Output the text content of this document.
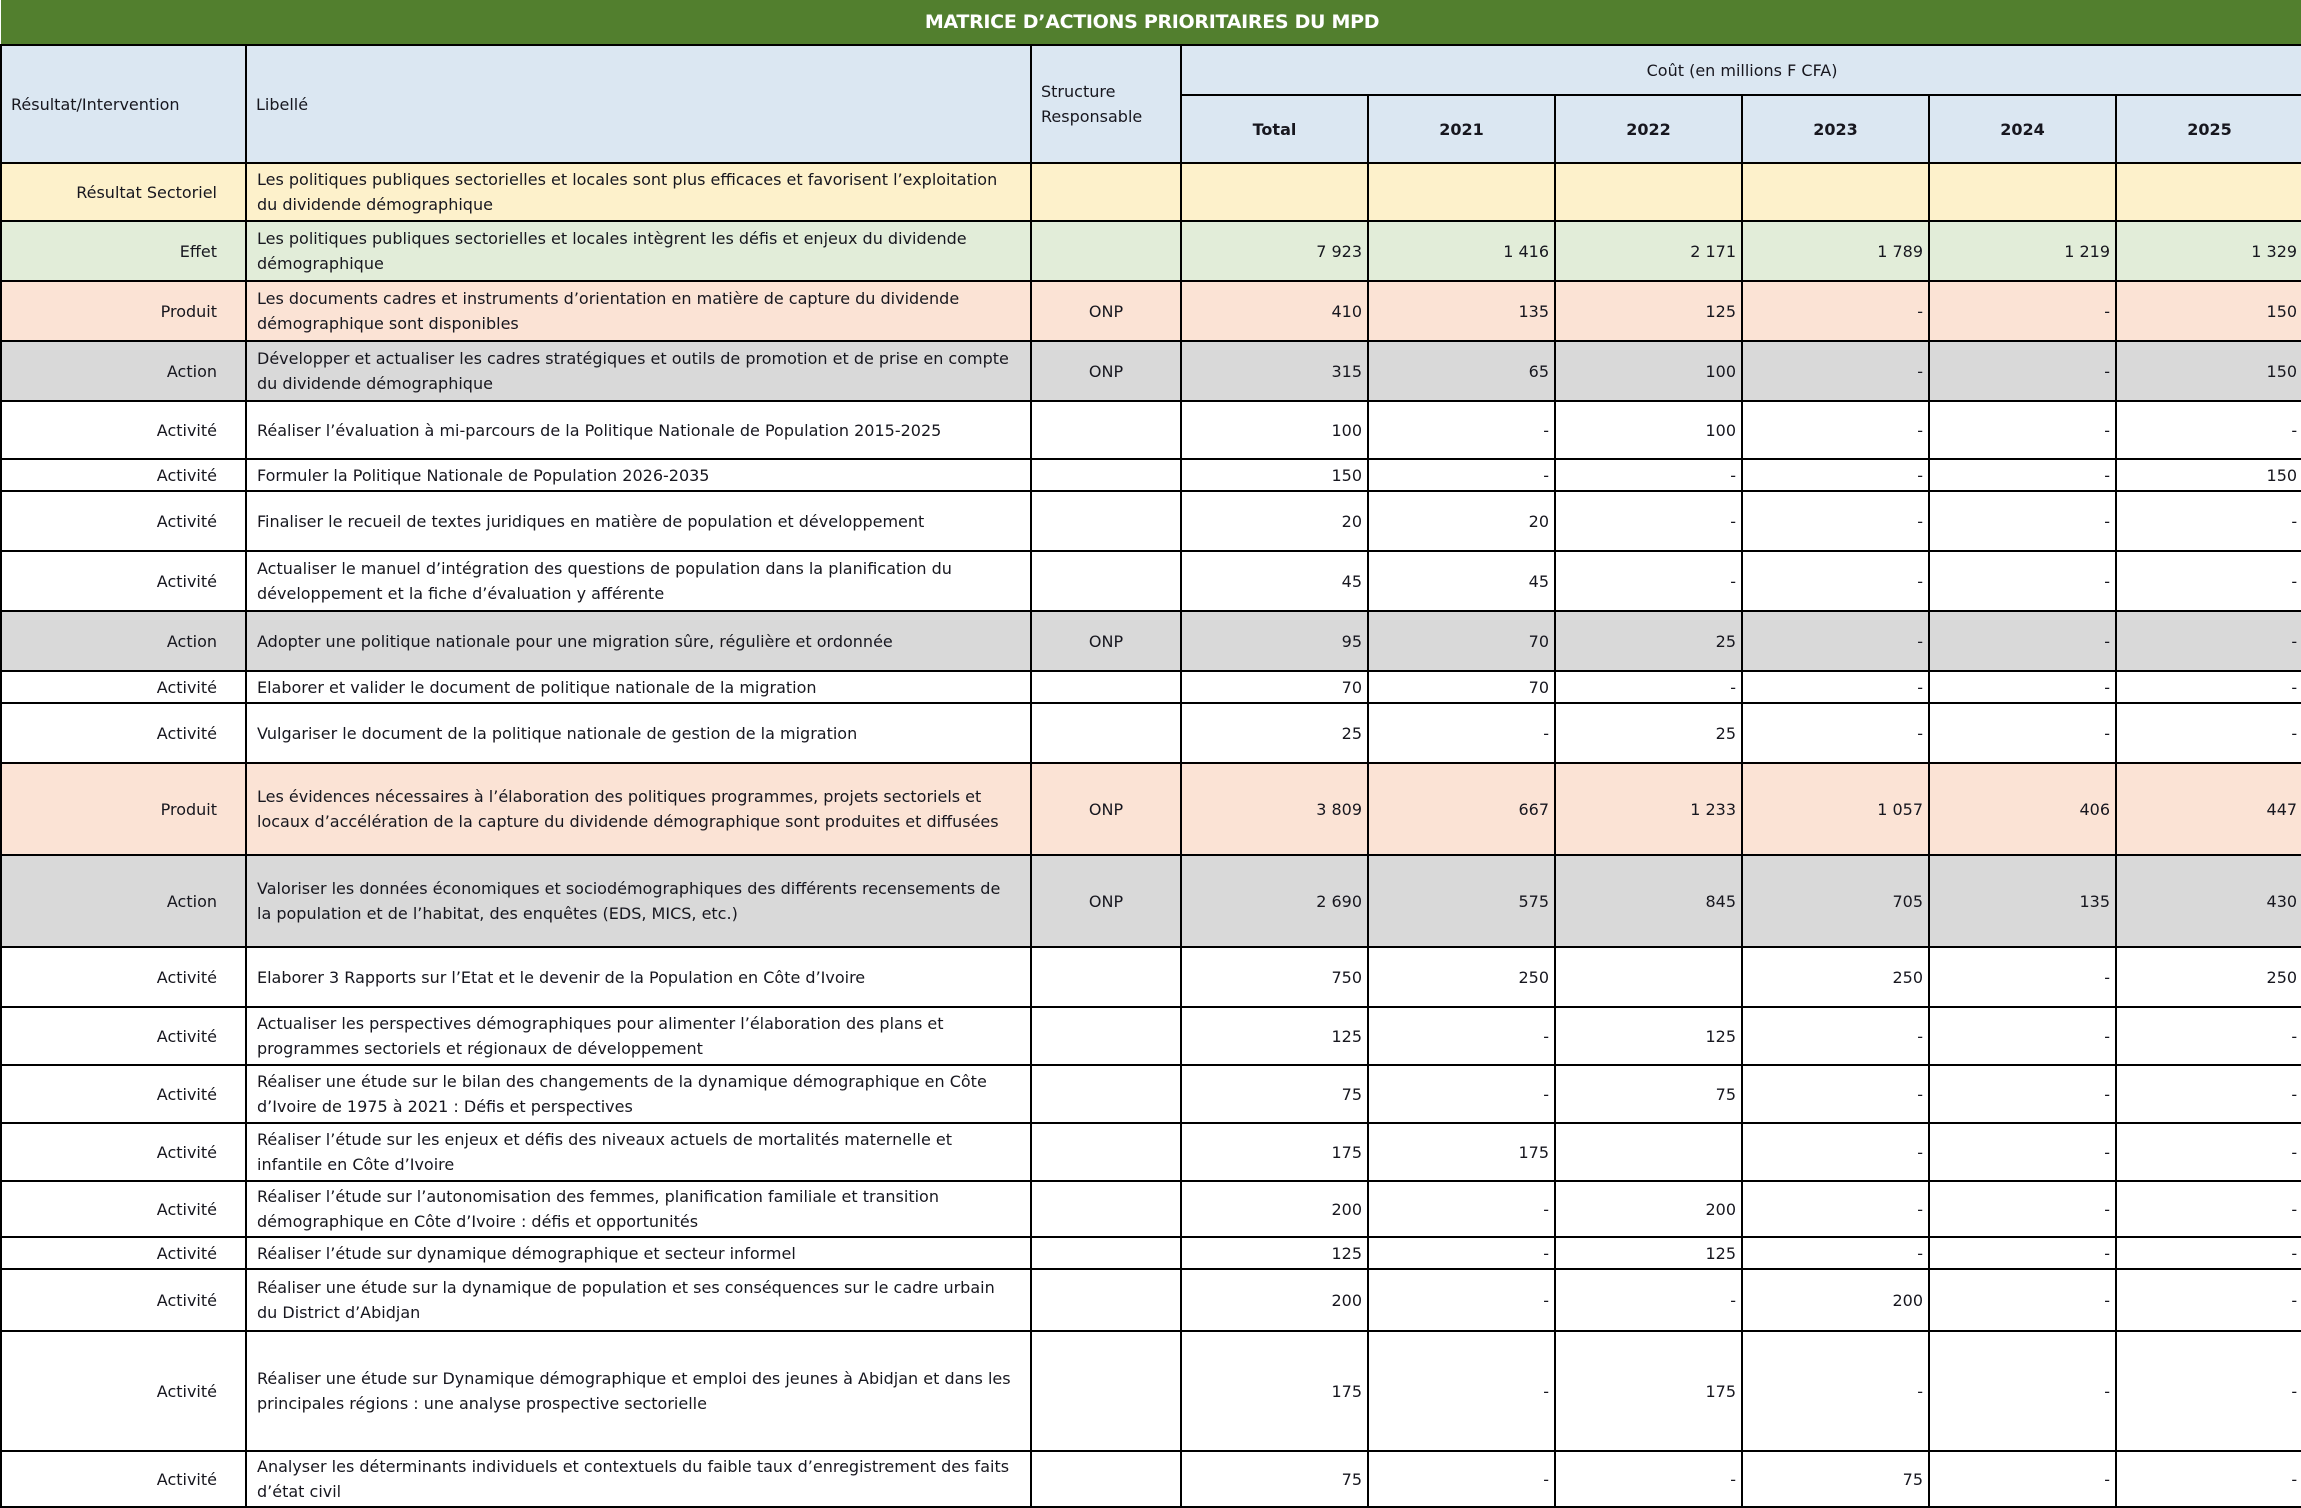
MATRICE D’ACTIONS PRIORITAIRES DU MPD								
Résultat/Intervention	Libellé	Structure Responsable	Coût (en millions F CFA)					
			Total	2021	2022	2023	2024	2025
Résultat Sectoriel	Les politiques publiques sectorielles et locales sont plus efficaces et favorisent l’exploitation du dividende démographique							
Effet	Les politiques publiques sectorielles et locales intègrent les défis et enjeux du dividende démographique		7 923	1 416	2 171	1 789	1 219	1 329
Produit	Les documents cadres et instruments d’orientation en matière de capture du dividende démographique sont disponibles	ONP	410	135	125	-	-	150
Action	Développer et actualiser les cadres stratégiques et outils de promotion et de prise en compte du dividende démographique	ONP	315	65	100	-	-	150
Activité	Réaliser l’évaluation à mi-parcours de la Politique Nationale de Population 2015-2025		100	-	100	-	-	-
Activité	Formuler la Politique Nationale de Population 2026-2035		150	-	-	-	-	150
Activité	Finaliser le recueil de textes juridiques en matière de population et développement		20	20	-	-	-	-
Activité	Actualiser le manuel d’intégration des questions de population dans la planification du développement et la fiche d’évaluation y afférente		45	45	-	-	-	-
Action	Adopter une politique nationale pour une migration sûre, régulière et ordonnée	ONP	95	70	25	-	-	-
Activité	Elaborer et valider le document de politique nationale de la migration		70	70	-	-	-	-
Activité	Vulgariser le document de la politique nationale de gestion de la migration		25	-	25	-	-	-
Produit	Les évidences nécessaires à l’élaboration des politiques programmes, projets sectoriels et locaux d’accélération de la capture du dividende démographique sont produites et diffusées	ONP	3 809	667	1 233	1 057	406	447
Action	Valoriser les données économiques et sociodémographiques des différents recensements de la population et de l’habitat, des enquêtes (EDS, MICS, etc.)	ONP	2 690	575	845	705	135	430
Activité	Elaborer 3 Rapports sur l’Etat et le devenir de la Population en Côte d’Ivoire		750	250		250	-	250
Activité	Actualiser les perspectives démographiques pour alimenter l’élaboration des plans et programmes sectoriels et régionaux de développement		125	-	125	-	-	-
Activité	Réaliser une étude sur le bilan des changements de la dynamique démographique en Côte d’Ivoire de 1975 à 2021 : Défis et perspectives		75	-	75	-	-	-
Activité	Réaliser l’étude sur les enjeux et défis des niveaux actuels de mortalités maternelle et infantile en Côte d’Ivoire		175	175		-	-	-
Activité	Réaliser l’étude sur l’autonomisation des femmes, planification familiale et transition démographique en Côte d’Ivoire : défis et opportunités		200	-	200	-	-	-
Activité	Réaliser l’étude sur dynamique démographique et secteur informel		125	-	125	-	-	-
Activité	Réaliser une étude sur la dynamique de population et ses conséquences sur le cadre urbain du District d’Abidjan		200	-	-	200	-	-
Activité	Réaliser une étude sur Dynamique démographique et emploi des jeunes à Abidjan et dans les principales régions : une analyse prospective sectorielle		175	-	175	-	-	-
Activité	Analyser les déterminants individuels et contextuels du faible taux d’enregistrement des faits d’état civil		75	-	-	75	-	-
